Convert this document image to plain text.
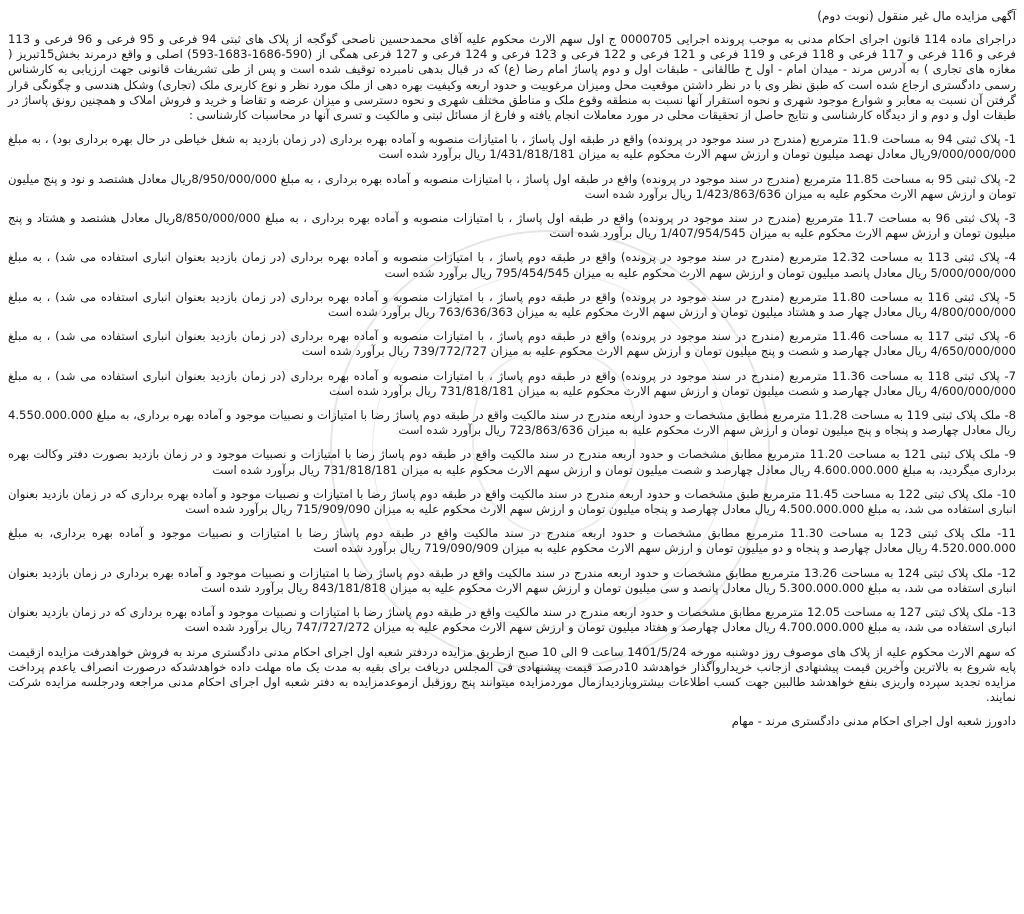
آگهی مزایده مال غیر منقول (نوبت دوم)

دراجرای ماده 114 قانون اجرای احکام مدنی به موجب پرونده اجرایی 0000705 ج اول سهم الارث محکوم علیه آقای محمدحسین ناصحی گوگجه از پلاک های ثبتی 94 فرعی و 95 فرعی و 96 فرعی و 113 فرعی و 116 فرعی و 117 فرعی و 118 فرعی و 119 فرعی و 121 فرعی و 122 فرعی و 123 فرعی و 124 فرعی و 127 فرعی همگی از (590-1686-1683-593) اصلی و واقع درمرند بخش15تبریز ( مغازه های تجاری ) به آدرس مرند - میدان امام - اول خ طالقانی - طبقات اول و دوم پاساژ امام رضا (ع) که در قبال بدهی نامبرده توقیف شده است و پس از طی تشریفات قانونی جهت ارزیابی به کارشناس رسمی دادگستری ارجاع شده است که طبق نظر وی با در نظر داشتن موقعیت محل ومیزان مرغوبیت و حدود اربعه وکیفیت بهره دهی از ملک مورد نظر و نوع کاربری ملک (تجاری) وشکل هندسی و چگونگی قرار گرفتن آن نسبت به معابر و شوارع موجود شهری و نحوه استقرار آنها نسبت به منطقه وقوع ملک و مناطق مختلف شهری و نحوه دسترسی و میزان عرضه و تقاضا و خرید و فروش املاک و همچنین رونق پاساژ در طبقات اول و دوم و از دیدگاه کارشناسی و نتایج حاصل از تحقیقات محلی در مورد معاملات انجام یافته و فارغ از مسائل ثبتی و مالکیت و تسری آنها در محاسبات کارشناسی :

1- پلاک ثبتی 94 به مساحت 11.9 مترمربع (مندرج در سند موجود در پرونده) واقع در طبقه اول پاساژ ، با امتیازات منصوبه و آماده بهره برداری (در زمان بازدید به شغل خیاطی در حال بهره برداری بود) ، به مبلغ 9/000/000/000ریال معادل نهصد میلیون تومان و ارزش سهم الارث محکوم علیه به میزان 1/431/818/181 ریال برآورد شده است

2- پلاک ثبتی 95 به مساحت 11.85 مترمربع (مندرج در سند موجود در پرونده) واقع در طبقه اول پاساژ ، با امتیازات منصوبه و آماده بهره برداری ، به مبلغ 8/950/000/000ریال معادل هشتصد و نود و پنج میلیون تومان و ارزش سهم الارث محکوم علیه به میزان 1/423/863/636 ریال برآورد شده است

3- پلاک ثبتی 96 به مساحت 11.7 مترمربع (مندرج در سند موجود در پرونده) واقع در طبقه اول پاساژ ، با امتیازات منصوبه و آماده بهره برداری ، به مبلغ 8/850/000/000ریال معادل هشتصد و هشتاد و پنج میلیون تومان و ارزش سهم الارث محکوم علیه به میزان 1/407/954/545 ریال برآورد شده است

4- پلاک ثبتی 113 به مساحت 12.32 مترمربع (مندرج در سند موجود در پرونده) واقع در طبقه دوم پاساژ ، با امتیازات منصوبه و آماده بهره برداری (در زمان بازدید بعنوان انباری استفاده می شد) ، به مبلغ 5/000/000/000 ریال معادل پانصد میلیون تومان و ارزش سهم الارث محکوم علیه به میزان 795/454/545 ریال برآورد شده است

5- پلاک ثبتی 116 به مساحت 11.80 مترمربع (مندرج در سند موجود در پرونده) واقع در طبقه دوم پاساژ ، با امتیازات منصوبه و آماده بهره برداری (در زمان بازدید بعنوان انباری استفاده می شد) ، به مبلغ 4/800/000/000 ریال معادل چهار صد و هشتاد میلیون تومان و ارزش سهم الارث محکوم علیه به میزان 763/636/363 ریال برآورد شده است

6- پلاک ثبتی 117 به مساحت 11.46 مترمربع (مندرج در سند موجود در پرونده) واقع در طبقه دوم پاساژ ، با امتیازات منصوبه و آماده بهره برداری (در زمان بازدید بعنوان انباری استفاده می شد) ، به مبلغ 4/650/000/000 ریال معادل چهارصد و شصت و پنج میلیون تومان و ارزش سهم الارث محکوم علیه به میزان 739/772/727 ریال برآورد شده است

7- پلاک ثبتی 118 به مساحت 11.36 مترمربع (مندرج در سند موجود در پرونده) واقع در طبقه دوم پاساژ ، با امتیازات منصوبه و آماده بهره برداری (در زمان بازدید بعنوان انباری استفاده می شد) ، به مبلغ 4/600/000/000 ریال معادل چهارصد و شصت میلیون تومان و ارزش سهم الارث محکوم علیه به میزان 731/818/181 ریال برآورد شده است

8- ملک پلاک ثبتی 119 به مساحت 11.28 مترمربع مطابق مشخصات و حدود اربعه مندرج در سند مالکیت واقع در طبقه دوم پاساژ رضا با امتیازات و نصبیات موجود و آماده بهره برداری، به مبلغ 4.550.000.000 ریال معادل چهارصد و پنجاه و پنج میلیون تومان و ارزش سهم الارث محکوم علیه به میزان 723/863/636 ریال برآورد شده است

9- ملک پلاک ثبتی 121 به مساحت 11.20 مترمربع مطابق مشخصات و حدود اربعه مندرج در سند مالکیت واقع در طبقه دوم پاساژ رضا با امتیازات و نصبیات موجود و در زمان بازدید بصورت دفتر وکالت بهره برداری میگردید، به مبلغ 4.600.000.000 ریال معادل چهارصد و شصت میلیون تومان و ارزش سهم الارث محکوم علیه به میزان 731/818/181 ریال برآورد شده است

10- ملک پلاک ثبتی 122 به مساحت 11.45 مترمربع طبق مشخصات و حدود اربعه مندرج در سند مالکیت واقع در طبقه دوم پاساژ رضا با امتیازات و نصبیات موجود و آماده بهره برداری که در زمان بازدید بعنوان انباری استفاده می شد، به مبلغ 4.500.000.000 ریال معادل چهارصد و پنجاه میلیون تومان و ارزش سهم الارث محکوم علیه به میزان 715/909/090 ریال برآورد شده است

11- ملک پلاک ثبتی 123 به مساحت 11.30 مترمربع مطابق مشخصات و حدود اربعه مندرج در سند مالکیت واقع در طبقه دوم پاساژ رضا با امتیازات و نصبیات موجود و آماده بهره برداری، به مبلغ 4.520.000.000 ریال معادل چهارصد و پنجاه و دو میلیون تومان و ارزش سهم الارث محکوم علیه به میزان 719/090/909 ریال برآورد شده است

12- ملک پلاک ثبتی 124 به مساحت 13.26 مترمربع مطابق مشخصات و حدود اربعه مندرج در سند مالکیت واقع در طبقه دوم پاساژ رضا با امتیازات و نصبیات موجود و آماده بهره برداری در زمان بازدید بعنوان انباری استفاده می شد، به مبلغ 5.300.000.000 ریال معادل پانصد و سی میلیون تومان و ارزش سهم الارث محکوم علیه به میزان 843/181/818 ریال برآورد شده است

13- ملک پلاک ثبتی 127 به مساحت 12.05 مترمربع مطابق مشخصات و حدود اربعه مندرج در سند مالکیت واقع در طبقه دوم پاساژ رضا با امتیازات و نصبیات موجود و آماده بهره برداری که در زمان بازدید بعنوان انباری استفاده می شد، به مبلغ 4.700.000.000 ریال معادل چهارصد و هفتاد میلیون تومان و ارزش سهم الارث محکوم علیه به میزان 747/727/272 ریال برآورد شده است

که سهم الارث محکوم علیه از پلاک های موصوف روز دوشنبه مورخه 1401/5/24 ساعت 9 الی 10 صبح ازطریق مزایده دردفتر شعبه اول اجرای احکام مدنی دادگستری مرند به فروش خواهدرفت مزایده ازقیمت پایه شروع به بالاترین وآخرین قیمت پیشنهادی ازجانب خریداروآگذار خواهدشد 10درصد قیمت پیشنهادی فی المجلس دریافت برای بقیه به مدت یک ماه مهلت داده خواهدشدکه درصورت انصراف یاعدم پرداخت مزایده تجدید سپرده واریزی بنفع خواهدشد طالبین جهت کسب اطلاعات بیشتروبازدیدازمال موردمزایده میتوانند پنج روزقبل ازموعدمزایده به دفتر شعبه اول اجرای احکام مدنی مراجعه ودرجلسه مزایده شرکت نمایند.

دادورز شعبه اول اجرای احکام مدنی دادگستری مرند - مهام
